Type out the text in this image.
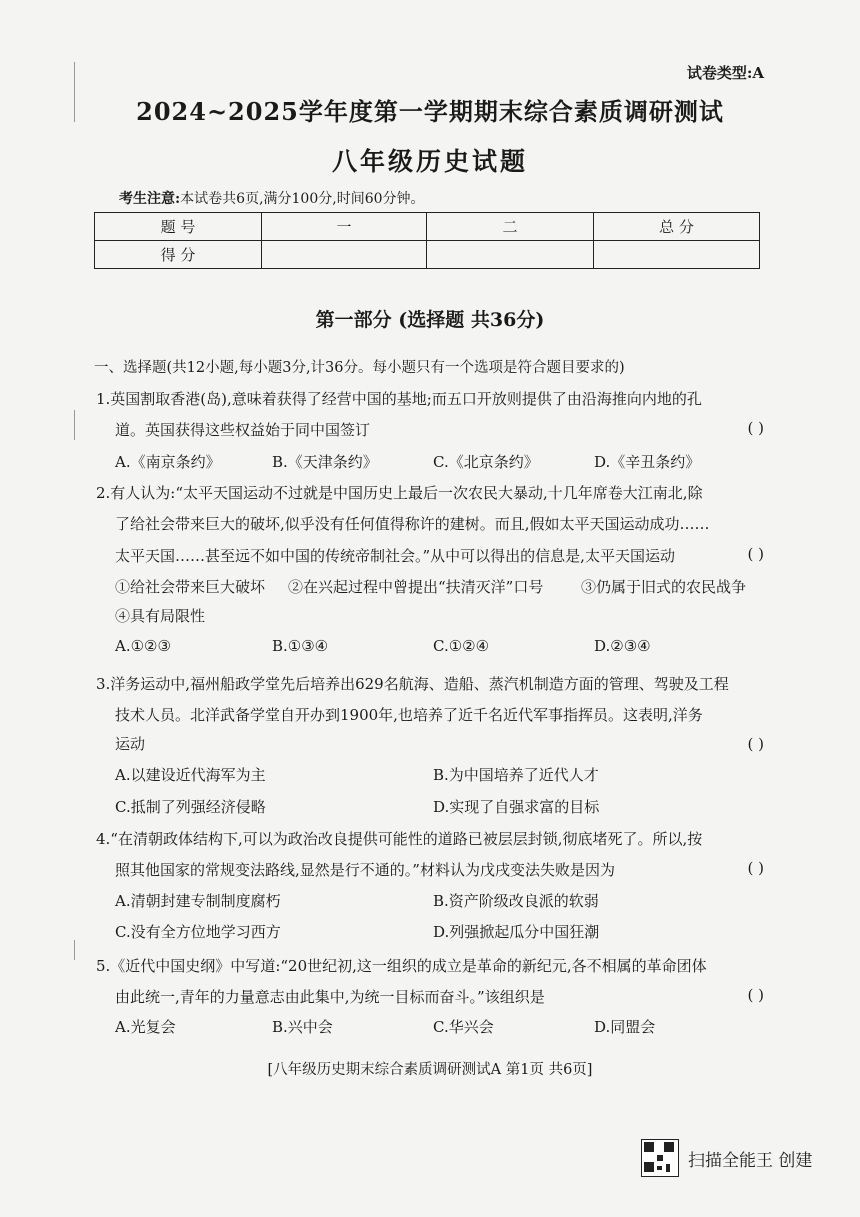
试卷类型:A
2024~2025学年度第一学期期末综合素质调研测试
八年级历史试题
考生注意:本试卷共6页,满分100分,时间60分钟。
题 号	一	二	总 分
得 分			
第一部分 (选择题 共36分)
一、选择题(共12小题,每小题3分,计36分。每小题只有一个选项是符合题目要求的)
1.英国割取香港(岛),意味着获得了经营中国的基地;而五口开放则提供了由沿海推向内地的孔
道。英国获得这些权益始于同中国签订	( )
A.《南京条约》	B.《天津条约》	C.《北京条约》	D.《辛丑条约》
2.有人认为:“太平天国运动不过就是中国历史上最后一次农民大暴动,十几年席卷大江南北,除
了给社会带来巨大的破坏,似乎没有任何值得称许的建树。而且,假如太平天国运动成功……
太平天国……甚至远不如中国的传统帝制社会。”从中可以得出的信息是,太平天国运动	( )
①给社会带来巨大破坏 ②在兴起过程中曾提出“扶清灭洋”口号	③仍属于旧式的农民战争
④具有局限性
A.①②③	B.①③④	C.①②④	D.②③④
3.洋务运动中,福州船政学堂先后培养出629名航海、造船、蒸汽机制造方面的管理、驾驶及工程
技术人员。北洋武备学堂自开办到1900年,也培养了近千名近代军事指挥员。这表明,洋务
运动	( )
A.以建设近代海军为主	B.为中国培养了近代人才
C.抵制了列强经济侵略	D.实现了自强求富的目标
4.“在清朝政体结构下,可以为政治改良提供可能性的道路已被层层封锁,彻底堵死了。所以,按
照其他国家的常规变法路线,显然是行不通的。”材料认为戊戌变法失败是因为	( )
A.清朝封建专制制度腐朽	B.资产阶级改良派的软弱
C.没有全方位地学习西方	D.列强掀起瓜分中国狂潮
5.《近代中国史纲》中写道:“20世纪初,这一组织的成立是革命的新纪元,各不相属的革命团体
由此统一,青年的力量意志由此集中,为统一目标而奋斗。”该组织是	( )
A.光复会	B.兴中会	C.华兴会	D.同盟会
[八年级历史期末综合素质调研测试A 第1页 共6页]
扫描全能王 创建
